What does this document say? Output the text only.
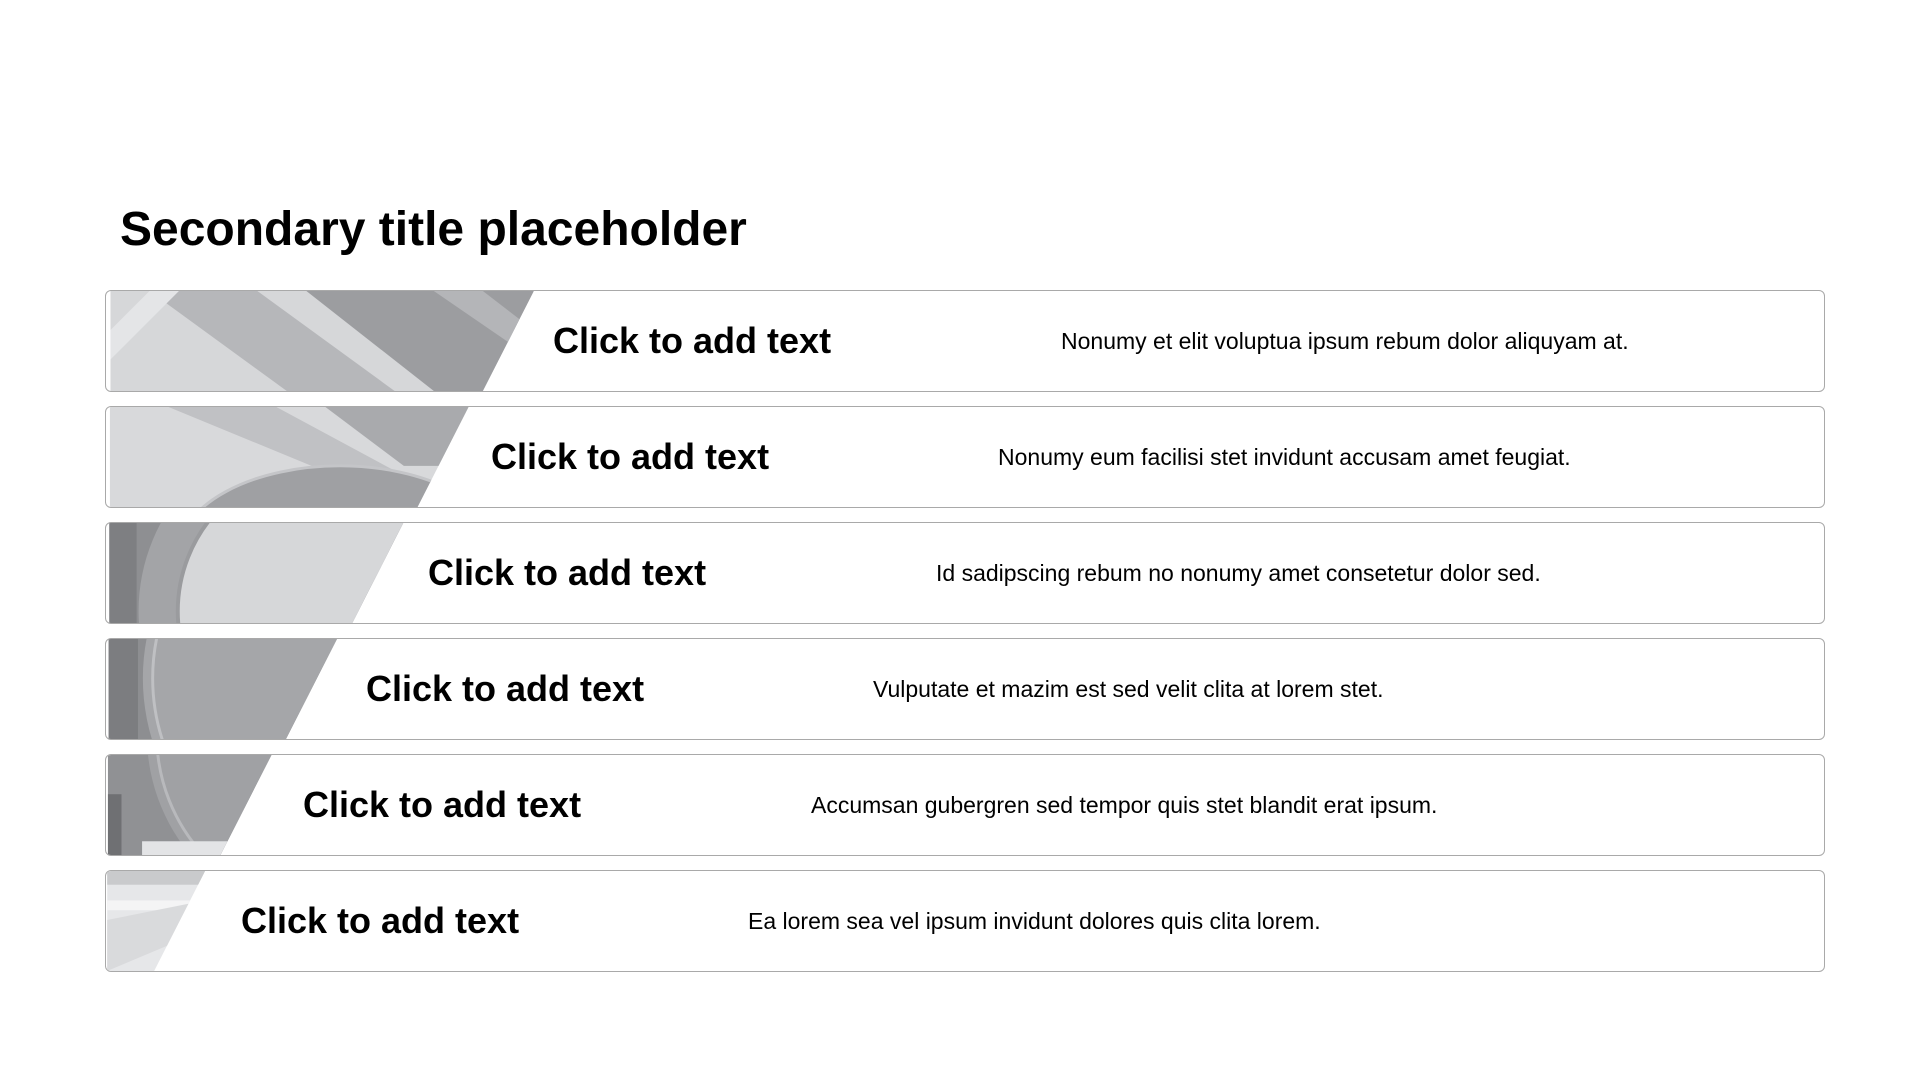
Secondary title placeholder
Click to add text	Nonumy et elit voluptua ipsum rebum dolor aliquyam at.
Click to add text	Nonumy eum facilisi stet invidunt accusam amet feugiat.
Click to add text	Id sadipscing rebum no nonumy amet consetetur dolor sed.
Click to add text	Vulputate et mazim est sed velit clita at lorem stet.
Click to add text	Accumsan gubergren sed tempor quis stet blandit erat ipsum.
Click to add text	Ea lorem sea vel ipsum invidunt dolores quis clita lorem.
